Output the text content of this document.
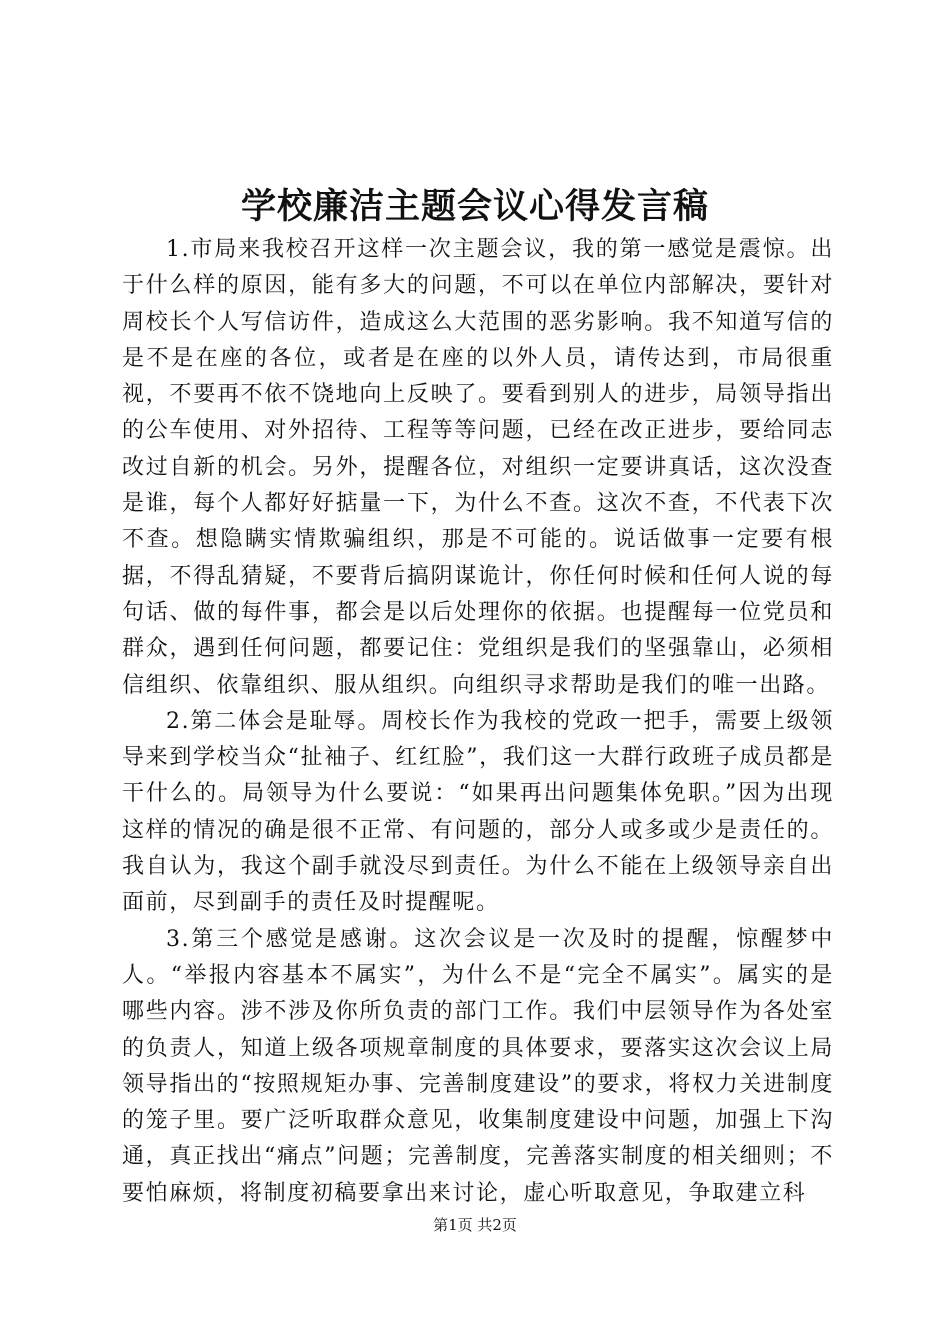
学校廉洁主题会议心得发言稿

1.市局来我校召开这样一次主题会议，我的第一感觉是震惊。出于什么样的原因，能有多大的问题，不可以在单位内部解决，要针对周校长个人写信访件，造成这么大范围的恶劣影响。我不知道写信的是不是在座的各位，或者是在座的以外人员，请传达到，市局很重视，不要再不依不饶地向上反映了。要看到别人的进步，局领导指出的公车使用、对外招待、工程等等问题，已经在改正进步，要给同志改过自新的机会。另外，提醒各位，对组织一定要讲真话，这次没查是谁，每个人都好好掂量一下，为什么不查。这次不查，不代表下次不查。想隐瞒实情欺骗组织，那是不可能的。说话做事一定要有根据，不得乱猜疑，不要背后搞阴谋诡计，你任何时候和任何人说的每句话、做的每件事，都会是以后处理你的依据。也提醒每一位党员和群众，遇到任何问题，都要记住：党组织是我们的坚强靠山，必须相信组织、依靠组织、服从组织。向组织寻求帮助是我们的唯一出路。

2.第二体会是耻辱。周校长作为我校的党政一把手，需要上级领导来到学校当众“扯袖子、红红脸”，我们这一大群行政班子成员都是干什么的。局领导为什么要说：“如果再出问题集体免职。”因为出现这样的情况的确是很不正常、有问题的，部分人或多或少是责任的。我自认为，我这个副手就没尽到责任。为什么不能在上级领导亲自出面前，尽到副手的责任及时提醒呢。

3.第三个感觉是感谢。这次会议是一次及时的提醒，惊醒梦中人。“举报内容基本不属实”，为什么不是“完全不属实”。属实的是哪些内容。涉不涉及你所负责的部门工作。我们中层领导作为各处室的负责人，知道上级各项规章制度的具体要求，要落实这次会议上局领导指出的“按照规矩办事、完善制度建设”的要求，将权力关进制度的笼子里。要广泛听取群众意见，收集制度建设中问题，加强上下沟通，真正找出“痛点”问题；完善制度，完善落实制度的相关细则；不要怕麻烦，将制度初稿要拿出来讨论，虚心听取意见，争取建立科

第1页 共2页
